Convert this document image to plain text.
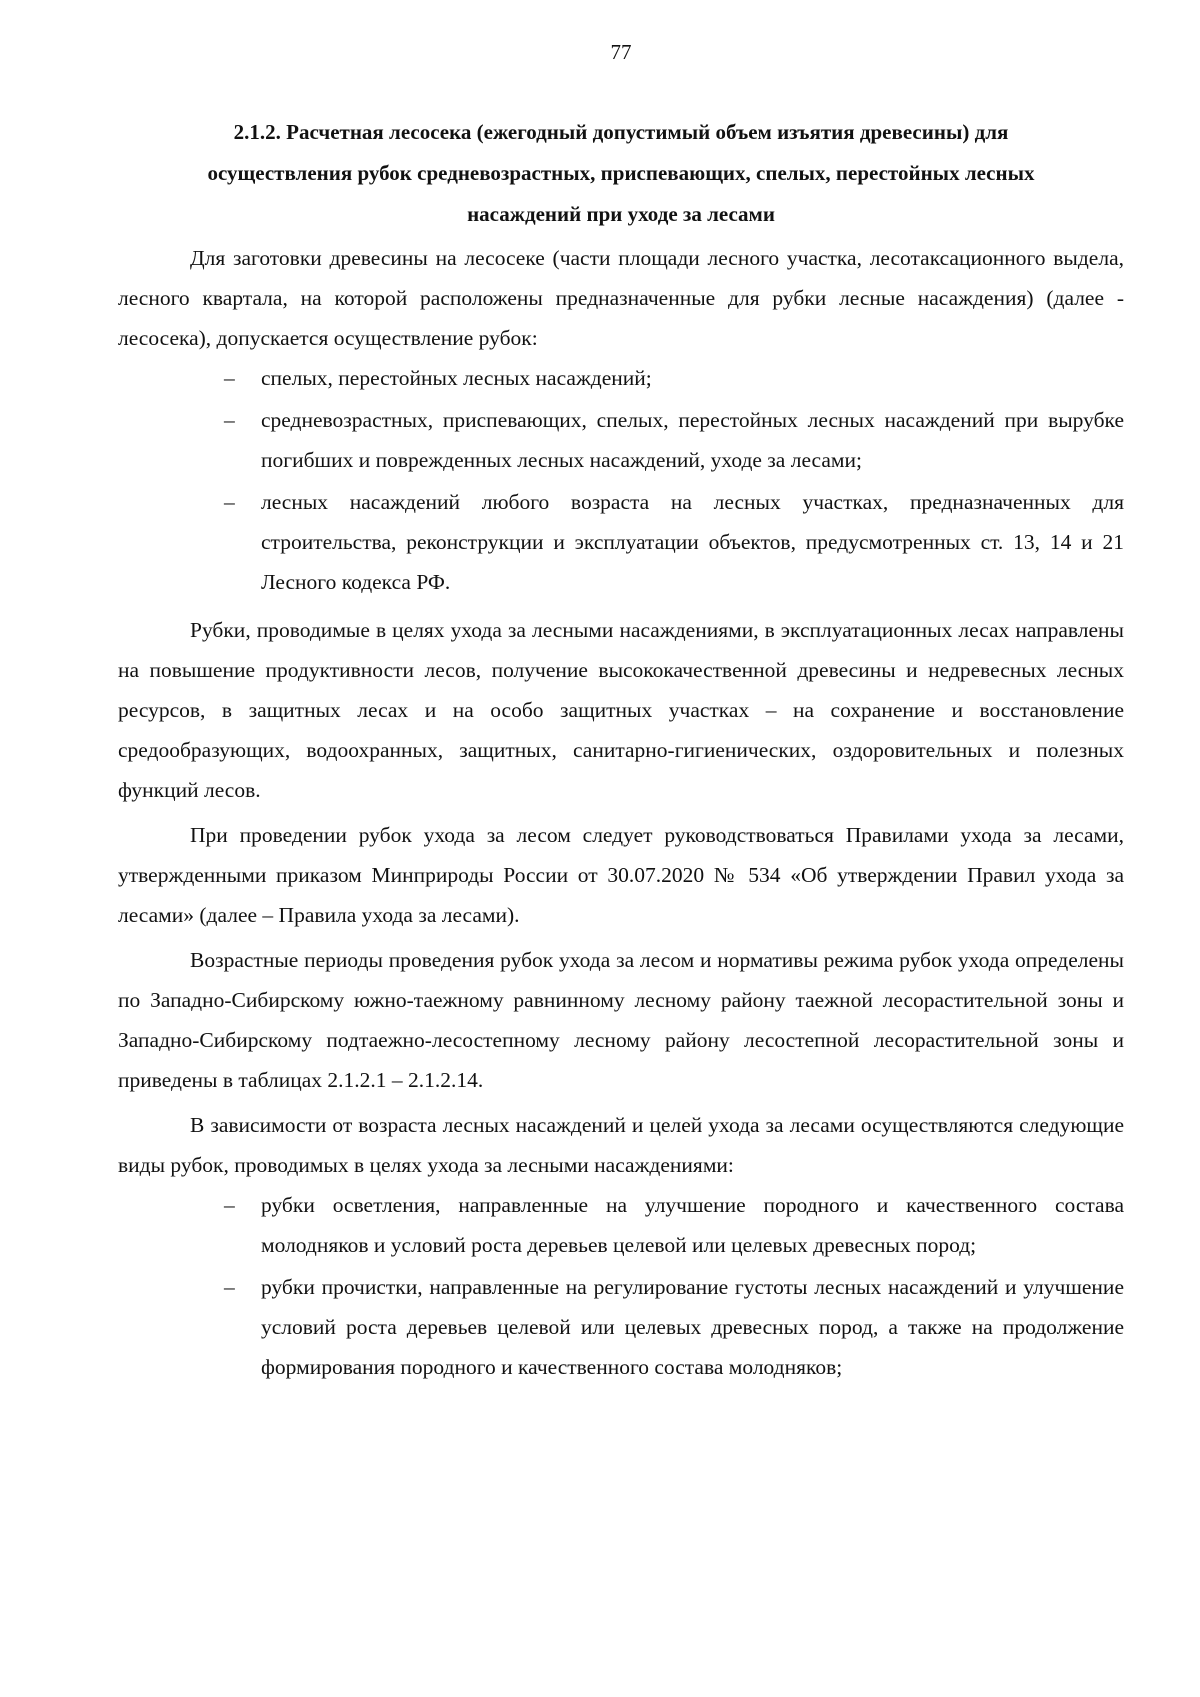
77
2.1.2. Расчетная лесосека (ежегодный допустимый объем изъятия древесины) для
осуществления рубок средневозрастных, приспевающих, спелых, перестойных лесных
насаждений при уходе за лесами

Для заготовки древесины на лесосеке (части площади лесного участка, лесотаксационного выдела, лесного квартала, на которой расположены предназначенные для рубки лесные насаждения) (далее - лесосека), допускается осуществление рубок:

– спелых, перестойных лесных насаждений;
– средневозрастных, приспевающих, спелых, перестойных лесных насаждений при вырубке погибших и поврежденных лесных насаждений, уходе за лесами;
– лесных насаждений любого возраста на лесных участках, предназначенных для строительства, реконструкции и эксплуатации объектов, предусмотренных ст. 13, 14 и 21 Лесного кодекса РФ.

Рубки, проводимые в целях ухода за лесными насаждениями, в эксплуатационных лесах направлены на повышение продуктивности лесов, получение высококачественной древесины и недревесных лесных ресурсов, в защитных лесах и на особо защитных участках – на сохранение и восстановление средообразующих, водоохранных, защитных, санитарно-гигиенических, оздоровительных и полезных функций лесов.

При проведении рубок ухода за лесом следует руководствоваться Правилами ухода за лесами, утвержденными приказом Минприроды России от 30.07.2020 № 534 «Об утверждении Правил ухода за лесами» (далее – Правила ухода за лесами).

Возрастные периоды проведения рубок ухода за лесом и нормативы режима рубок ухода определены по Западно-Сибирскому южно-таежному равнинному лесному району таежной лесорастительной зоны и Западно-Сибирскому подтаежно-лесостепному лесному району лесостепной лесорастительной зоны и приведены в таблицах 2.1.2.1 – 2.1.2.14.

В зависимости от возраста лесных насаждений и целей ухода за лесами осуществляются следующие виды рубок, проводимых в целях ухода за лесными насаждениями:

– рубки осветления, направленные на улучшение породного и качественного состава молодняков и условий роста деревьев целевой или целевых древесных пород;
– рубки прочистки, направленные на регулирование густоты лесных насаждений и улучшение условий роста деревьев целевой или целевых древесных пород, а также на продолжение формирования породного и качественного состава молодняков;
